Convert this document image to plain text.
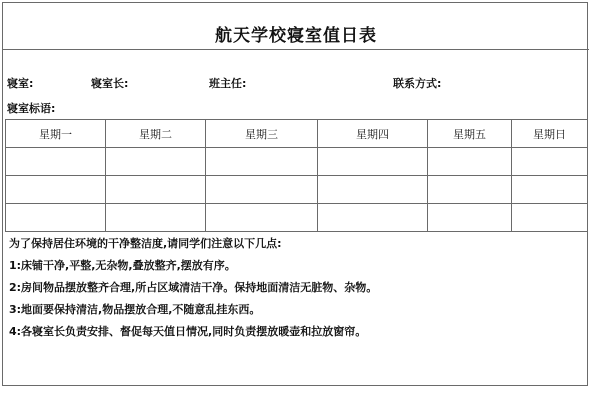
航天学校寝室值日表
寝室:	寝室长:	班主任:	联系方式:
寝室标语:
星期一	星期二	星期三	星期四	星期五	星期日

为了保持居住环境的干净整洁度,请同学们注意以下几点:

1:床铺干净,平整,无杂物,叠放整齐,摆放有序。

2:房间物品摆放整齐合理,所占区域清洁干净。保持地面清洁无脏物、杂物。

3:地面要保持清洁,物品摆放合理,不随意乱挂东西。

4:各寝室长负责安排、督促每天值日情况,同时负责摆放暖壶和拉放窗帘。
